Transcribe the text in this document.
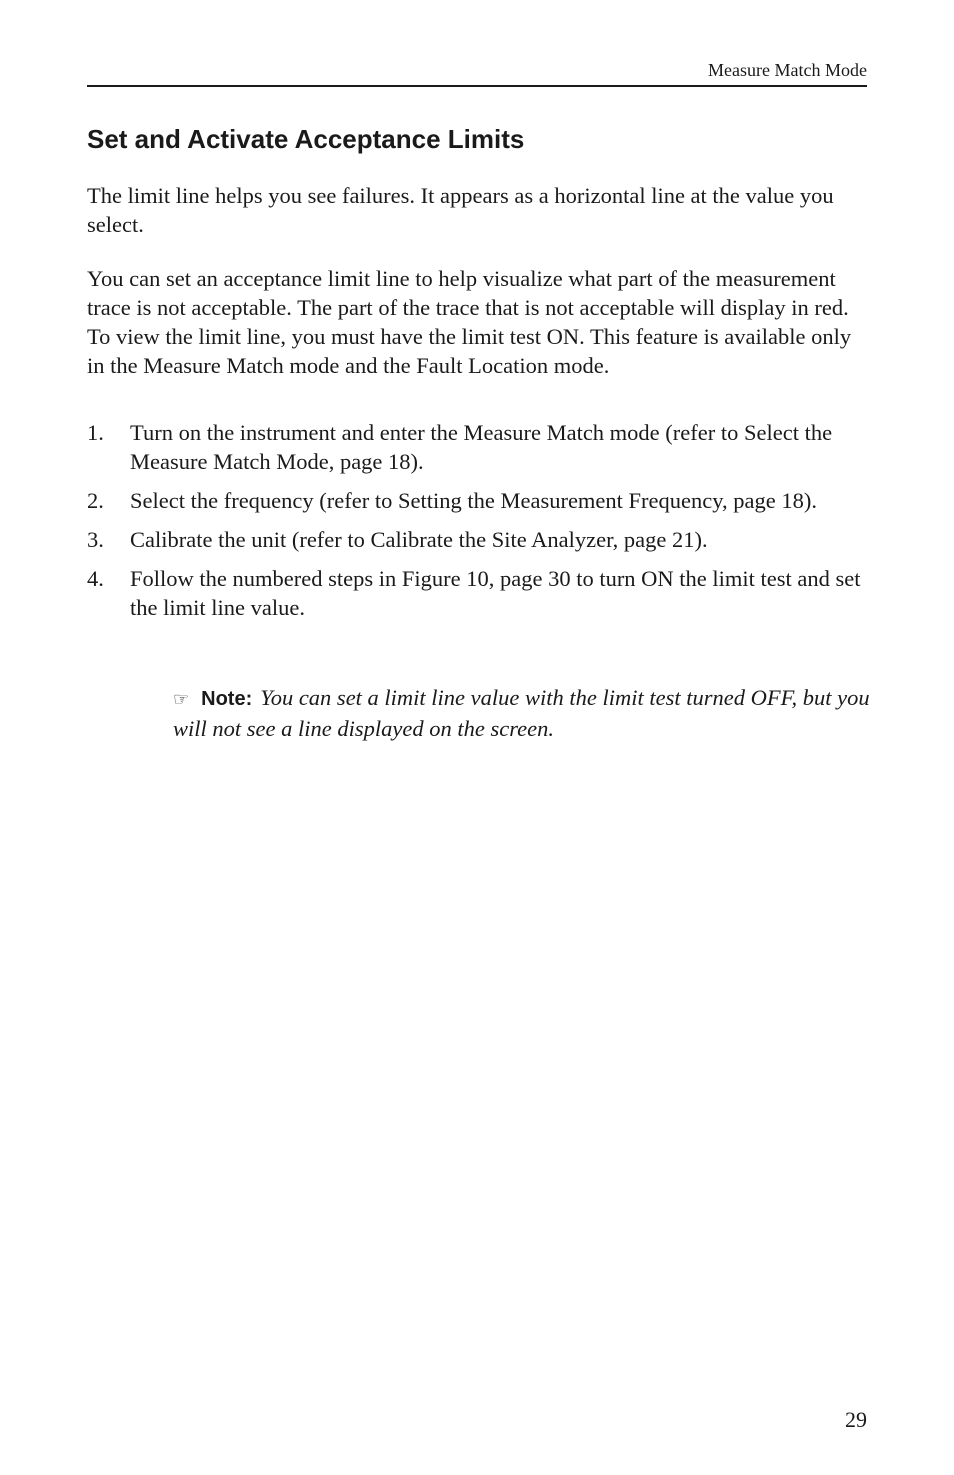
Measure Match Mode
Set and Activate Acceptance Limits

The limit line helps you see failures. It appears as a horizontal line at the value you select.

You can set an acceptance limit line to help visualize what part of the measurement trace is not acceptable. The part of the trace that is not acceptable will display in red. To view the limit line, you must have the limit test ON. This feature is available only in the Measure Match mode and the Fault Location mode.

1. Turn on the instrument and enter the Measure Match mode (refer to Select the Measure Match Mode, page 18).
2. Select the frequency (refer to Setting the Measurement Frequency, page 18).
3. Calibrate the unit (refer to Calibrate the Site Analyzer, page 21).
4. Follow the numbered steps in Figure 10, page 30 to turn ON the limit test and set the limit line value.

☞ Note: You can set a limit line value with the limit test turned OFF, but you will not see a line displayed on the screen.

29
